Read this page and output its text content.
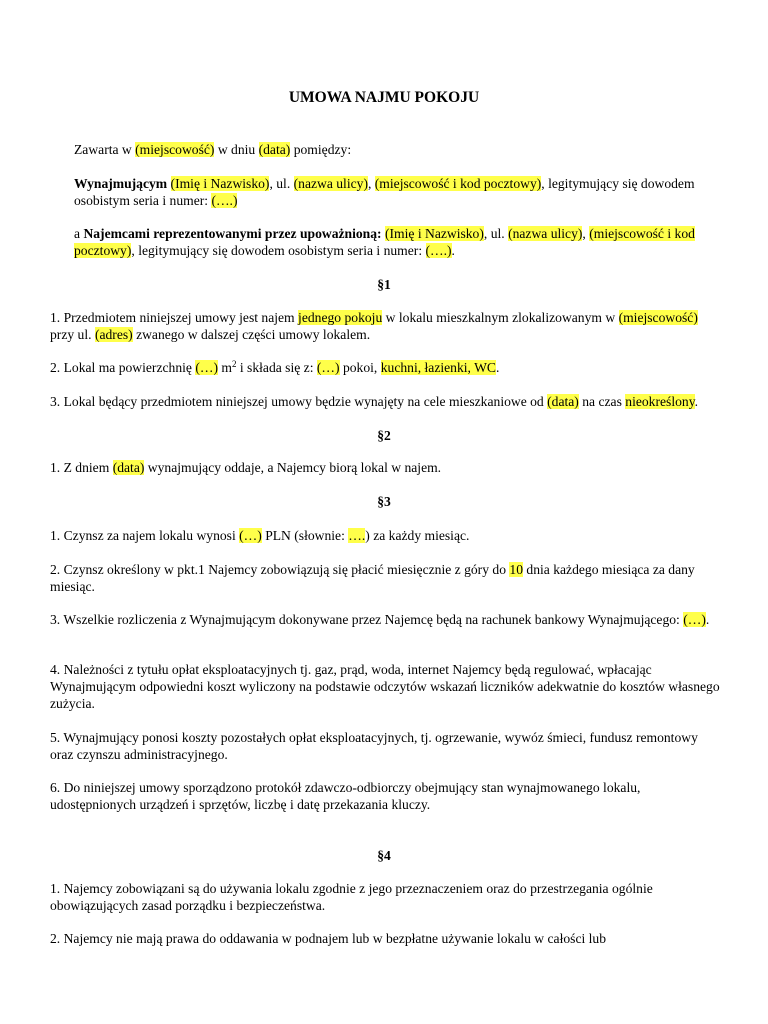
UMOWA NAJMU POKOJU

Zawarta w (miejscowość) w dniu (data) pomiędzy:

Wynajmującym (Imię i Nazwisko), ul. (nazwa ulicy), (miejscowość i kod pocztowy), legitymujący się dowodem osobistym seria i numer: (….)

a Najemcami reprezentowanymi przez upoważnioną: (Imię i Nazwisko), ul. (nazwa ulicy), (miejscowość i kod pocztowy), legitymujący się dowodem osobistym seria i numer: (….).

§1

1. Przedmiotem niniejszej umowy jest najem jednego pokoju w lokalu mieszkalnym zlokalizowanym w (miejscowość) przy ul. (adres) zwanego w dalszej części umowy lokalem.

2. Lokal ma powierzchnię (…) $m^2$ i składa się z: (…) pokoi, kuchni, łazienki, WC.

3. Lokal będący przedmiotem niniejszej umowy będzie wynajęty na cele mieszkaniowe od (data) na czas nieokreślony.

§2

1. Z dniem (data) wynajmujący oddaje, a Najemcy biorą lokal w najem.

§3

1. Czynsz za najem lokalu wynosi (…) PLN (słownie: ….) za każdy miesiąc.

2. Czynsz określony w pkt.1 Najemcy zobowiązują się płacić miesięcznie z góry do 10 dnia każdego miesiąca za dany miesiąc.

3. Wszelkie rozliczenia z Wynajmującym dokonywane przez Najemcę będą na rachunek bankowy Wynajmującego: (…).

4. Należności z tytułu opłat eksploatacyjnych tj. gaz, prąd, woda, internet Najemcy będą regulować, wpłacając Wynajmującym odpowiedni koszt wyliczony na podstawie odczytów wskazań liczników adekwatnie do kosztów własnego zużycia.

5. Wynajmujący ponosi koszty pozostałych opłat eksploatacyjnych, tj. ogrzewanie, wywóz śmieci, fundusz remontowy oraz czynszu administracyjnego.

6. Do niniejszej umowy sporządzono protokół zdawczo-odbiorczy obejmujący stan wynajmowanego lokalu, udostępnionych urządzeń i sprzętów, liczbę i datę przekazania kluczy.

§4

1. Najemcy zobowiązani są do używania lokalu zgodnie z jego przeznaczeniem oraz do przestrzegania ogólnie obowiązujących zasad porządku i bezpieczeństwa.

2. Najemcy nie mają prawa do oddawania w podnajem lub w bezpłatne używanie lokalu w całości lub
